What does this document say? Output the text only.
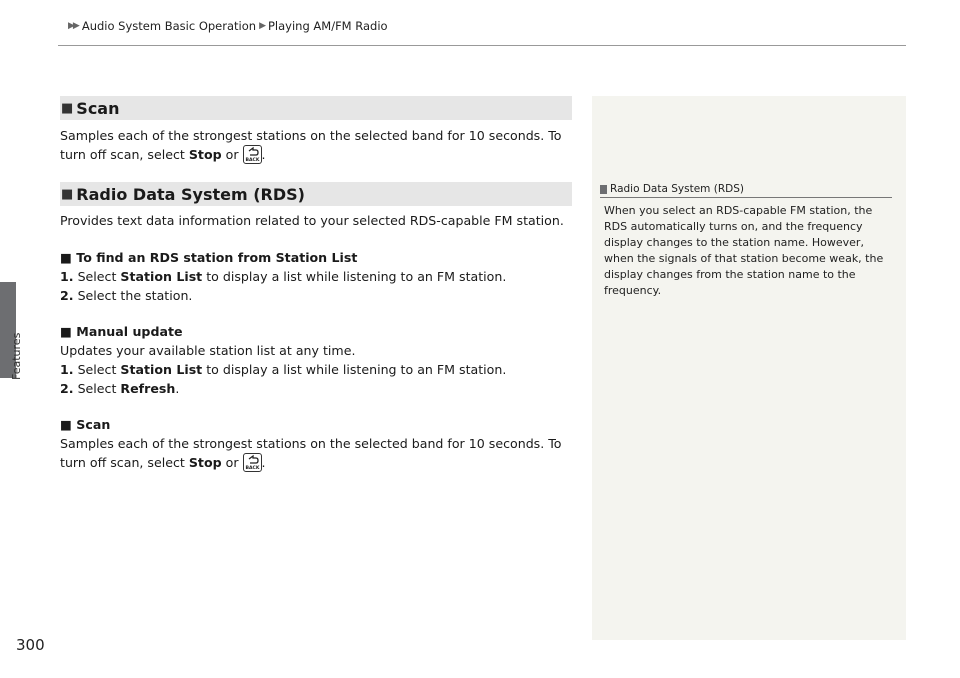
▶▶ Audio System Basic Operation ▶ Playing AM/FM Radio
Features
■ Scan
Samples each of the strongest stations on the selected band for 10 seconds. To turn off scan, select Stop or BACK .
■ Radio Data System (RDS)
Provides text data information related to your selected RDS-capable FM station.
■ To find an RDS station from Station List
1. Select Station List to display a list while listening to an FM station.
2. Select the station.
■ Manual update
Updates your available station list at any time.
1. Select Station List to display a list while listening to an FM station.
2. Select Refresh.
■ Scan
Samples each of the strongest stations on the selected band for 10 seconds. To turn off scan, select Stop or BACK .
Radio Data System (RDS)
When you select an RDS-capable FM station, the RDS automatically turns on, and the frequency display changes to the station name. However, when the signals of that station become weak, the display changes from the station name to the frequency.
300
